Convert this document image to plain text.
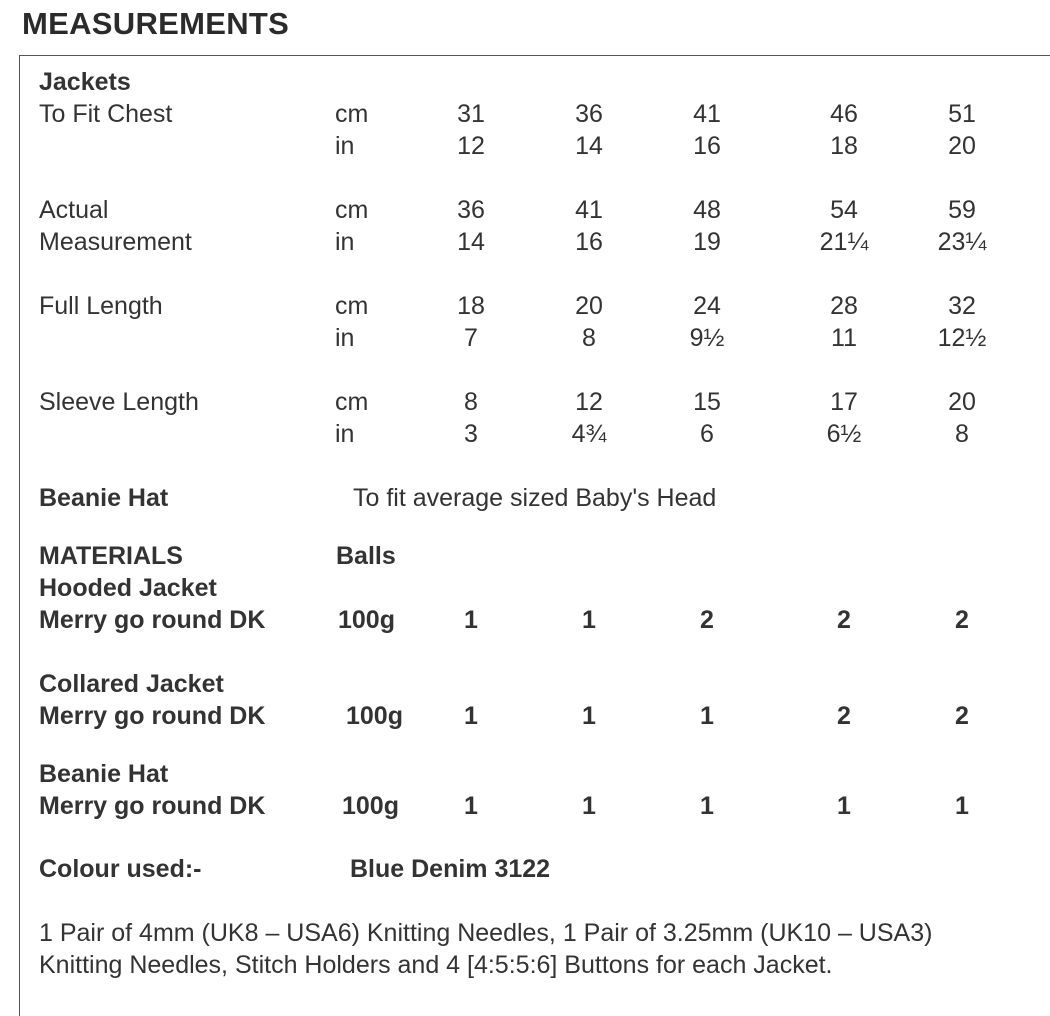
MEASUREMENTS
Jackets
To Fit Chest	cm	31	36	41	46	51
in	12	14	16	18	20
Actual
Measurement
cm	36	41	48	54	59
in	14	16	19	21¼	23¼
Full Length	cm	18	20	24	28	32
in	7	8	9½	11	12½
Sleeve Length	cm	8	12	15	17	20
in	3	4¾	6	6½	8
Beanie Hat	To fit average sized Baby's Head
MATERIALS	Balls
Hooded Jacket
Merry go round DK	100g	1	1	2	2	2
Collared Jacket
Merry go round DK	100g	1	1	1	2	2
Beanie Hat
Merry go round DK	100g	1	1	1	1	1
Colour used:-	Blue Denim 3122
1 Pair of 4mm (UK8 – USA6) Knitting Needles, 1 Pair of 3.25mm (UK10 – USA3)
Knitting Needles, Stitch Holders and 4 [4:5:5:6] Buttons for each Jacket.
